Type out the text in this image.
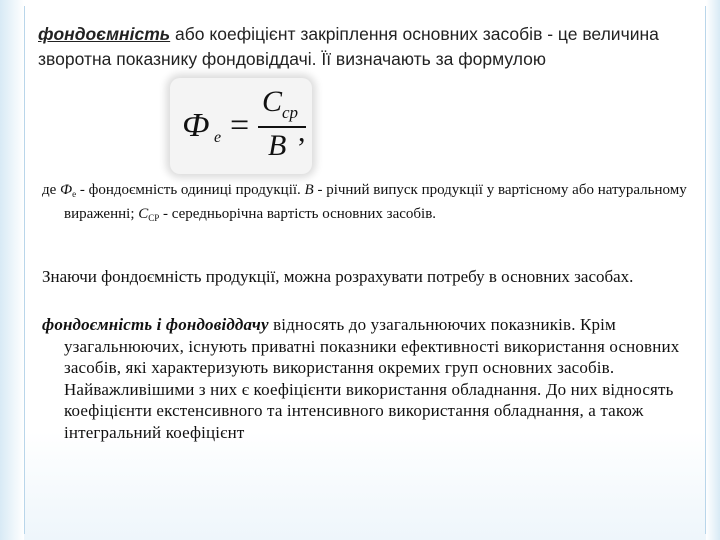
фондоємність або коефіцієнт закріплення основних засобів - це величина зворотна показнику фондовіддачі. Її визначають за формулою
Ф е =
С ср
В ,
де $Ф_е$ - фондоємність одиниці продукції. В - річний випуск продукції у вартісному або натуральному вираженні; $С_{СР}$ - середньорічна вартість основних засобів.
Знаючи фондоємність продукції, можна розрахувати потребу в основних засобах.
фондоємність і фондовіддачу відносять до узагальнюючих показників. Крім узагальнюючих, існують приватні показники ефективності використання основних засобів, які характеризують використання окремих груп основних засобів. Найважливішими з них є коефіцієнти використання обладнання. До них відносять коефіцієнти екстенсивного та інтенсивного використання обладнання, а також інтегральний коефіцієнт
